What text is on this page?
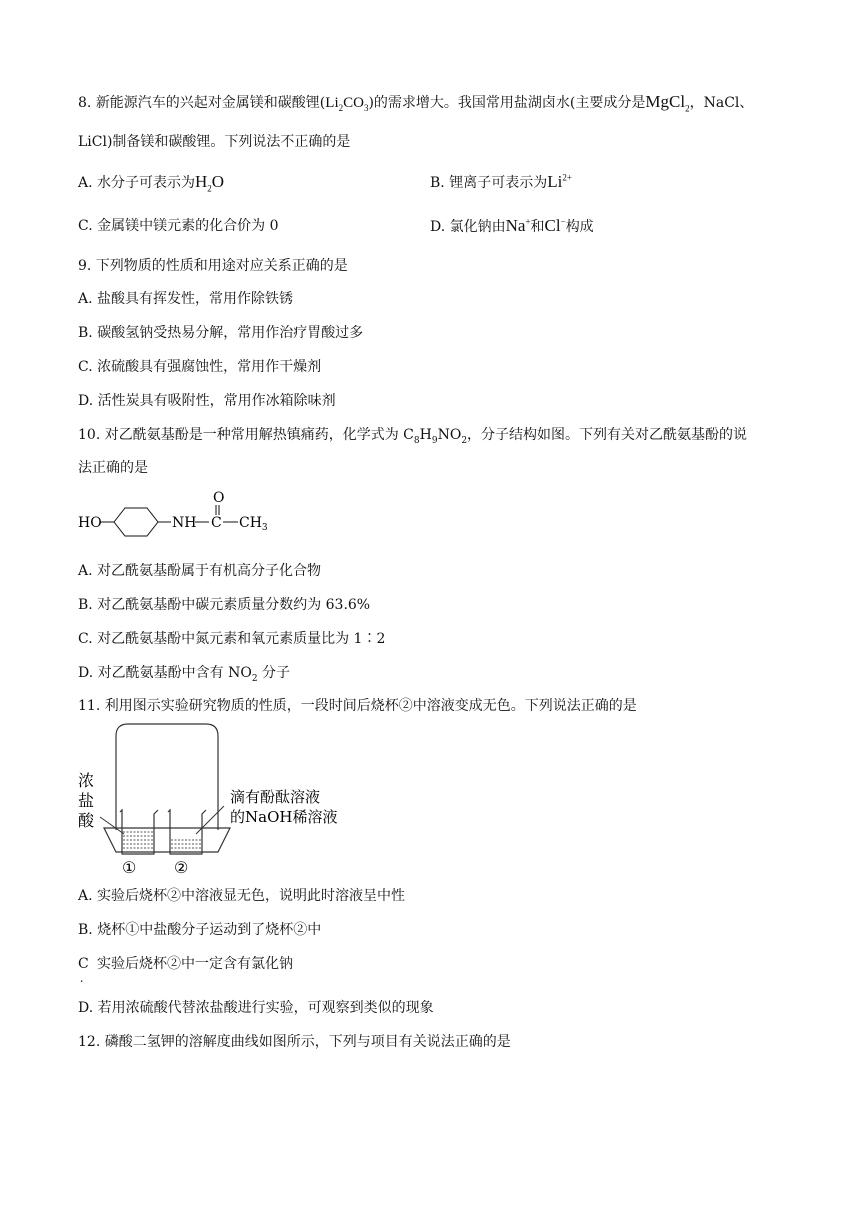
8. 新能源汽车的兴起对金属镁和碳酸锂$(Li_2CO_3)$的需求增大。我国常用盐湖卤水(主要成分是MgCl$_2$，NaCl、
LiCl)制备镁和碳酸锂。下列说法不正确的是
A. 水分子可表示为$H_2O$	B. 锂离子可表示为$Li^{2+}$
C. 金属镁中镁元素的化合价为 0	D. 氯化钠由Na+和Cl−构成
9. 下列物质的性质和用途对应关系正确的是
A. 盐酸具有挥发性，常用作除铁锈
B. 碳酸氢钠受热易分解，常用作治疗胃酸过多
C. 浓硫酸具有强腐蚀性，常用作干燥剂
D. 活性炭具有吸附性，常用作冰箱除味剂
10. 对乙酰氨基酚是一种常用解热镇痛药，化学式为 $C_8H_9NO_2$，分子结构如图。下列有关对乙酰氨基酚的说
法正确的是
HO	NH C
O
$CH_3$
A. 对乙酰氨基酚属于有机高分子化合物
B. 对乙酰氨基酚中碳元素质量分数约为 63.6%
C. 对乙酰氨基酚中氮元素和氧元素质量比为 1∶2
D. 对乙酰氨基酚中含有 $NO_2$ 分子
11. 利用图示实验研究物质的性质，一段时间后烧杯②中溶液变成无色。下列说法正确的是
浓
盐
酸
滴有酚酞溶液
的NaOH稀溶液
① ②
A. 实验后烧杯②中溶液显无色，说明此时溶液呈中性
B. 烧杯①中盐酸分子运动到了烧杯②中
C. 实验后烧杯②中一定含有氯化钠
D. 若用浓硫酸代替浓盐酸进行实验，可观察到类似的现象
12. 磷酸二氢钾的溶解度曲线如图所示，下列与项目有关说法正确的是
